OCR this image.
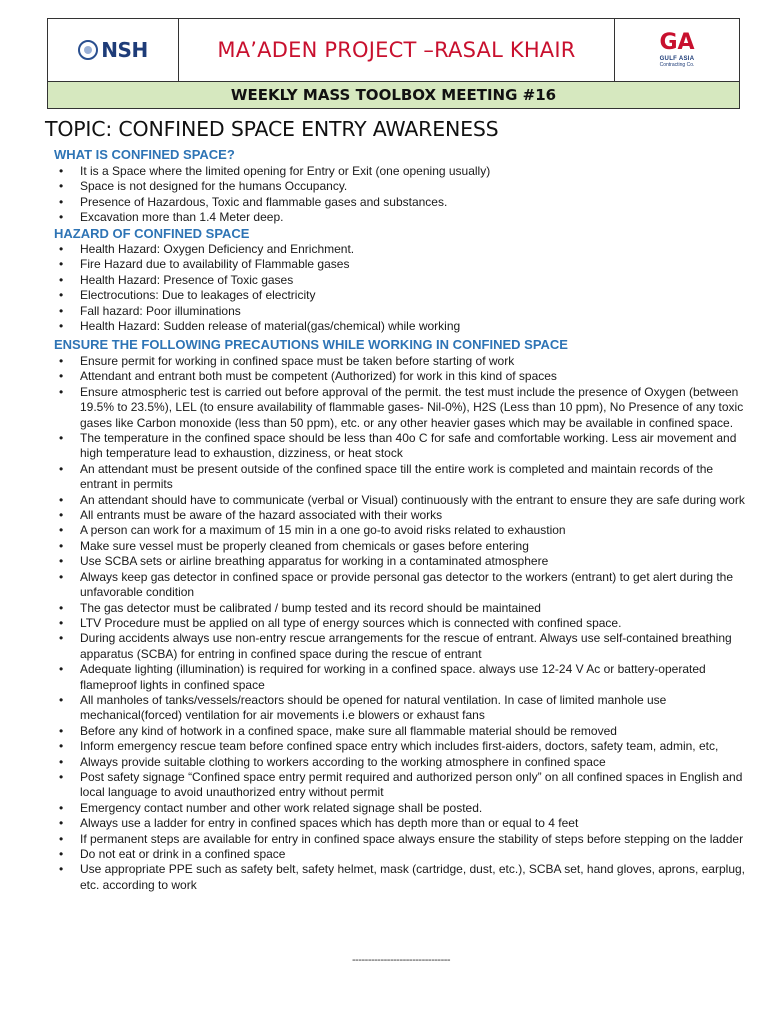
NSH	MA’ADEN PROJECT –RASAL KHAIR	GA
GULF ASIA
Contracting Co.
WEEKLY MASS TOOLBOX MEETING #16
TOPIC: CONFINED SPACE ENTRY AWARENESS
WHAT IS CONFINED SPACE?
• It is a Space where the limited opening for Entry or Exit (one opening usually)
• Space is not designed for the humans Occupancy.
• Presence of Hazardous, Toxic and flammable gases and substances.
• Excavation more than 1.4 Meter deep.
HAZARD OF CONFINED SPACE
• Health Hazard: Oxygen Deficiency and Enrichment.
• Fire Hazard due to availability of Flammable gases
• Health Hazard: Presence of Toxic gases
• Electrocutions: Due to leakages of electricity
• Fall hazard: Poor illuminations
• Health Hazard: Sudden release of material(gas/chemical) while working
ENSURE THE FOLLOWING PRECAUTIONS WHILE WORKING IN CONFINED SPACE
• Ensure permit for working in confined space must be taken before starting of work
• Attendant and entrant both must be competent (Authorized) for work in this kind of spaces
• Ensure atmospheric test is carried out before approval of the permit. the test must include the presence of Oxygen (between 19.5% to 23.5%), LEL (to ensure availability of flammable gases- Nil-0%), H2S (Less than 10 ppm), No Presence of any toxic gases like Carbon monoxide (less than 50 ppm), etc. or any other heavier gases which may be available in confined space.
• The temperature in the confined space should be less than 40o C for safe and comfortable working. Less air movement and high temperature lead to exhaustion, dizziness, or heat stock
• An attendant must be present outside of the confined space till the entire work is completed and maintain records of the entrant in permits
• An attendant should have to communicate (verbal or Visual) continuously with the entrant to ensure they are safe during work
• All entrants must be aware of the hazard associated with their works
• A person can work for a maximum of 15 min in a one go-to avoid risks related to exhaustion
• Make sure vessel must be properly cleaned from chemicals or gases before entering
• Use SCBA sets or airline breathing apparatus for working in a contaminated atmosphere
• Always keep gas detector in confined space or provide personal gas detector to the workers (entrant) to get alert during the unfavorable condition
• The gas detector must be calibrated / bump tested and its record should be maintained
• LTV Procedure must be applied on all type of energy sources which is connected with confined space.
• During accidents always use non-entry rescue arrangements for the rescue of entrant. Always use self-contained breathing apparatus (SCBA) for entring in confined space during the rescue of entrant
• Adequate lighting (illumination) is required for working in a confined space. always use 12-24 V Ac or battery-operated flameproof lights in confined space
• All manholes of tanks/vessels/reactors should be opened for natural ventilation. In case of limited manhole use mechanical(forced) ventilation for air movements i.e blowers or exhaust fans
• Before any kind of hotwork in a confined space, make sure all flammable material should be removed
• Inform emergency rescue team before confined space entry which includes first-aiders, doctors, safety team, admin, etc,
• Always provide suitable clothing to workers according to the working atmosphere in confined space
• Post safety signage “Confined space entry permit required and authorized person only” on all confined spaces in English and local language to avoid unauthorized entry without permit
• Emergency contact number and other work related signage shall be posted.
• Always use a ladder for entry in confined spaces which has depth more than or equal to 4 feet
• If permanent steps are available for entry in confined space always ensure the stability of steps before stepping on the ladder
• Do not eat or drink in a confined space
• Use appropriate PPE such as safety belt, safety helmet, mask (cartridge, dust, etc.), SCBA set, hand gloves, aprons, earplug, etc. according to work
-------------------------------
